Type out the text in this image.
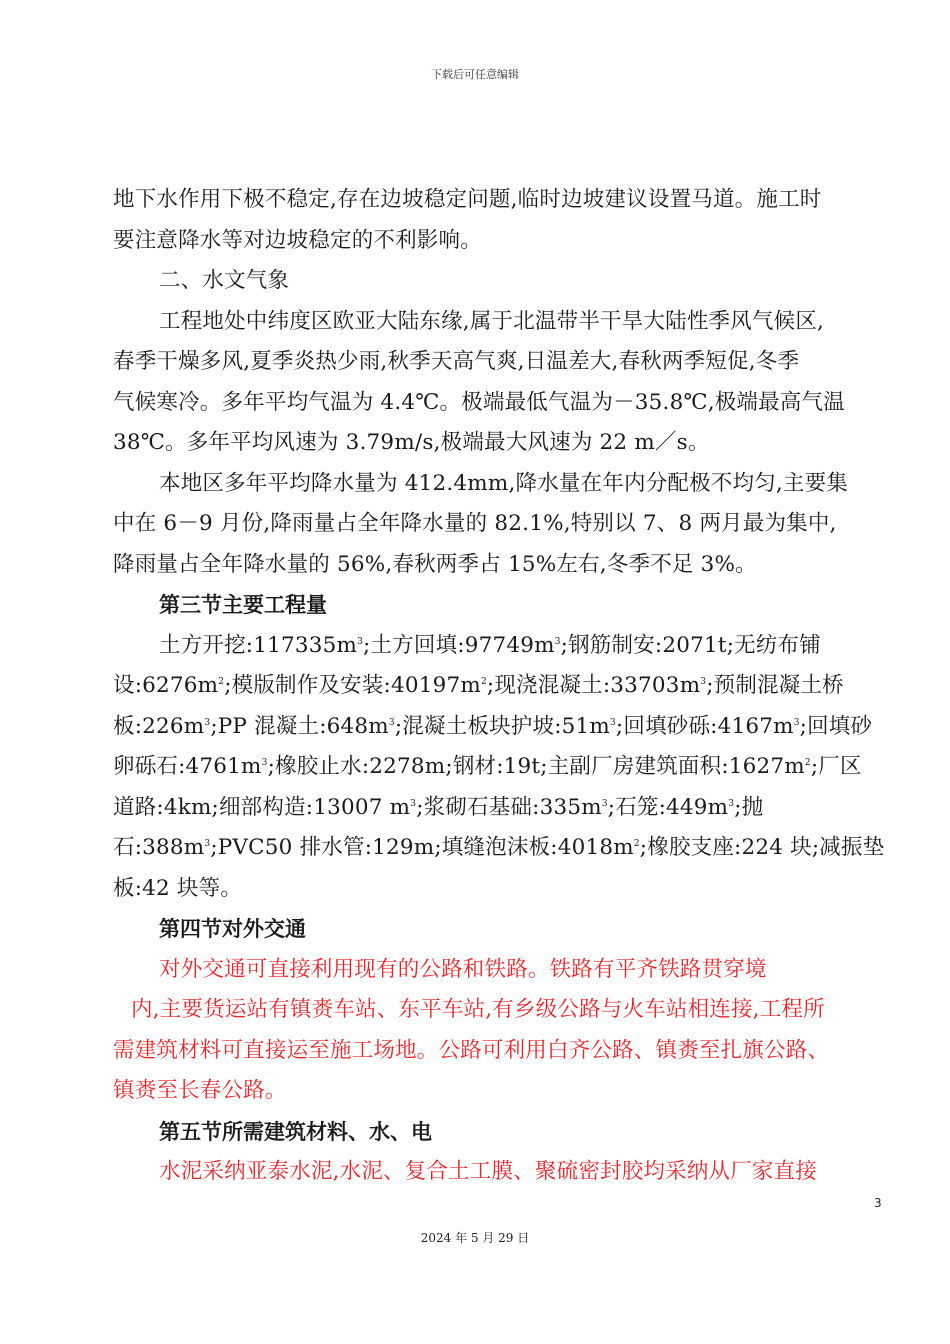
下载后可任意编辑

地下水作用下极不稳定,存在边坡稳定问题,临时边坡建议设置马道。施工时

要注意降水等对边坡稳定的不利影响。

二、水文气象

工程地处中纬度区欧亚大陆东缘,属于北温带半干旱大陆性季风气候区,

春季干燥多风,夏季炎热少雨,秋季天高气爽,日温差大,春秋两季短促,冬季

气候寒冷。多年平均气温为 4.4℃。极端最低气温为－35.8℃,极端最高气温

38℃。多年平均风速为 3.79m/s,极端最大风速为 22 m／s。

本地区多年平均降水量为 412.4mm,降水量在年内分配极不均匀,主要集

中在 6－9 月份,降雨量占全年降水量的 82.1%,特别以 7、8 两月最为集中,

降雨量占全年降水量的 56%,春秋两季占 15%左右,冬季不足 3%。

第三节主要工程量

土方开挖$:117335m^3$;土方回填$:97749m^3$;钢筋制安:2071t;无纺布铺

设$:6276m^2$;模版制作及安装$:40197m^2$;现浇混凝土$:33703m^3$;预制混凝土桥

板$:226m^3;PP$ 混凝土$:648m^3$;混凝土板块护坡$:51m^3$;回填砂砾$:4167m^3$;回填砂

卵砾石$:4761m^3$;橡胶止水:2278m;钢材:19t;主副厂房建筑面积$:1627m^2$;厂区

道路:4km;细部构造:13007 $m^3$;浆砌石基础$:335m^3$;石笼$:449m^3$;抛

石$:388m^3;PVC50$ 排水管:129m;填缝泡沫板$:4018m^2$;橡胶支座:224 块;减振垫

板:42 块等。

第四节对外交通

对外交通可直接利用现有的公路和铁路。铁路有平齐铁路贯穿境

内,主要货运站有镇赉车站、东平车站,有乡级公路与火车站相连接,工程所

需建筑材料可直接运至施工场地。公路可利用白齐公路、镇赉至扎旗公路、

镇赉至长春公路。

第五节所需建筑材料、水、电

水泥采纳亚泰水泥,水泥、复合土工膜、聚硫密封胶均采纳从厂家直接

3
2024 年 5 月 29 日
